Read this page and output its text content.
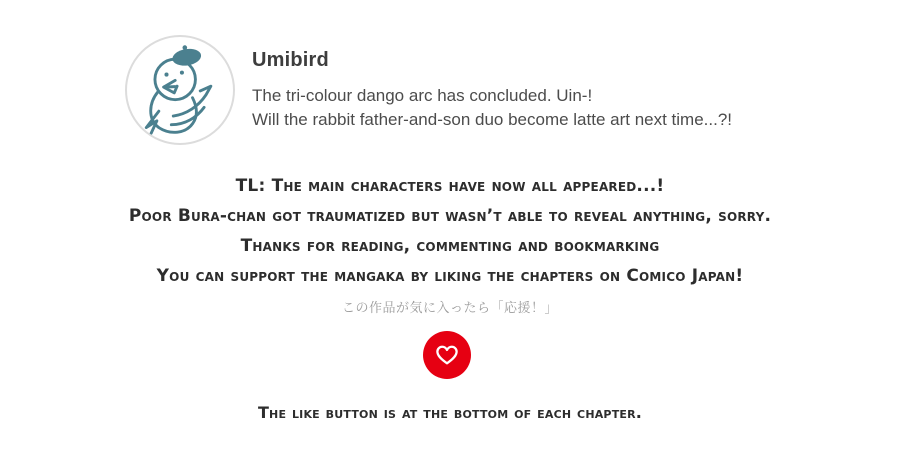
Umibird
The tri-colour dango arc has concluded. Uin-!
Will the rabbit father-and-son duo become latte art next time...?!
TL: The main characters have now all appeared...!
Poor Bura-chan got traumatized but wasn’t able to reveal anything, sorry.
Thanks for reading, commenting and bookmarking
You can support the mangaka by liking the chapters on Comico Japan!
この作品が気に入ったら「応援！」
The like button is at the bottom of each chapter.
